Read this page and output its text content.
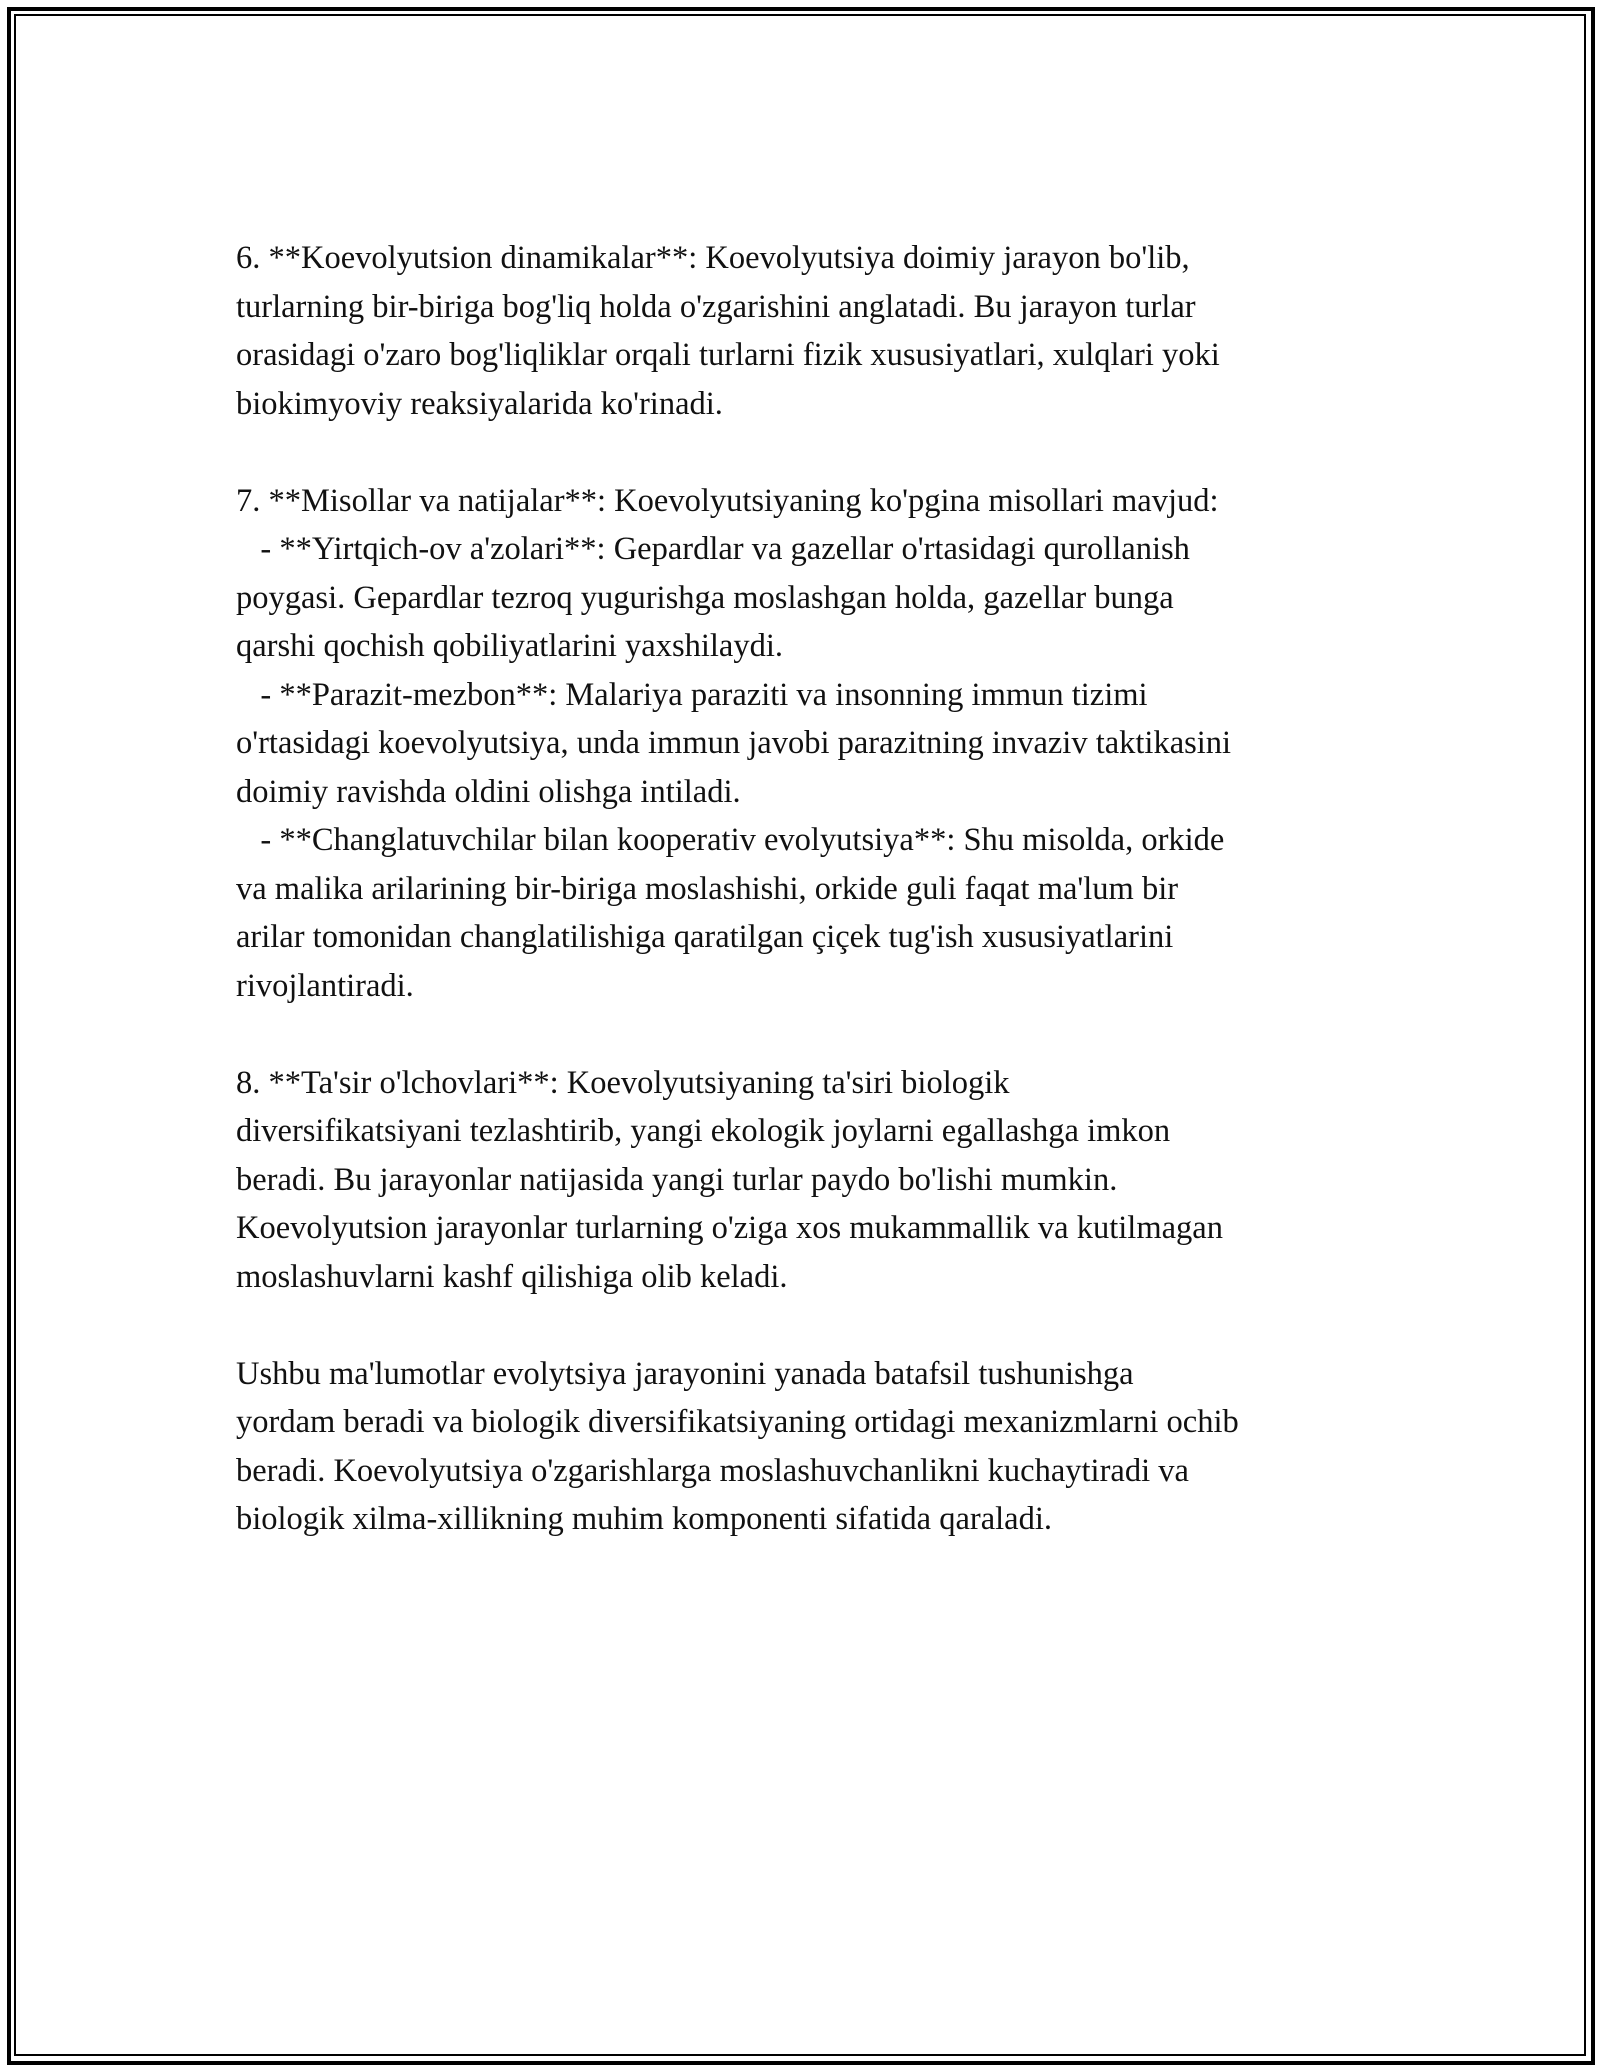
6. **Koevolyutsion dinamikalar**: Koevolyutsiya doimiy jarayon bo'lib,
turlarning bir-biriga bog'liq holda o'zgarishini anglatadi. Bu jarayon turlar
orasidagi o'zaro bog'liqliklar orqali turlarni fizik xususiyatlari, xulqlari yoki
biokimyoviy reaksiyalarida ko'rinadi.

7. **Misollar va natijalar**: Koevolyutsiyaning ko'pgina misollari mavjud:
- **Yirtqich-ov a'zolari**: Gepardlar va gazellar o'rtasidagi qurollanish
poygasi. Gepardlar tezroq yugurishga moslashgan holda, gazellar bunga
qarshi qochish qobiliyatlarini yaxshilaydi.
- **Parazit-mezbon**: Malariya paraziti va insonning immun tizimi
o'rtasidagi koevolyutsiya, unda immun javobi parazitning invaziv taktikasini
doimiy ravishda oldini olishga intiladi.
- **Changlatuvchilar bilan kooperativ evolyutsiya**: Shu misolda, orkide
va malika arilarining bir-biriga moslashishi, orkide guli faqat ma'lum bir
arilar tomonidan changlatilishiga qaratilgan çiçek tug'ish xususiyatlarini
rivojlantiradi.

8. **Ta'sir o'lchovlari**: Koevolyutsiyaning ta'siri biologik
diversifikatsiyani tezlashtirib, yangi ekologik joylarni egallashga imkon
beradi. Bu jarayonlar natijasida yangi turlar paydo bo'lishi mumkin.
Koevolyutsion jarayonlar turlarning o'ziga xos mukammallik va kutilmagan
moslashuvlarni kashf qilishiga olib keladi.

Ushbu ma'lumotlar evolytsiya jarayonini yanada batafsil tushunishga
yordam beradi va biologik diversifikatsiyaning ortidagi mexanizmlarni ochib
beradi. Koevolyutsiya o'zgarishlarga moslashuvchanlikni kuchaytiradi va
biologik xilma-xillikning muhim komponenti sifatida qaraladi.
